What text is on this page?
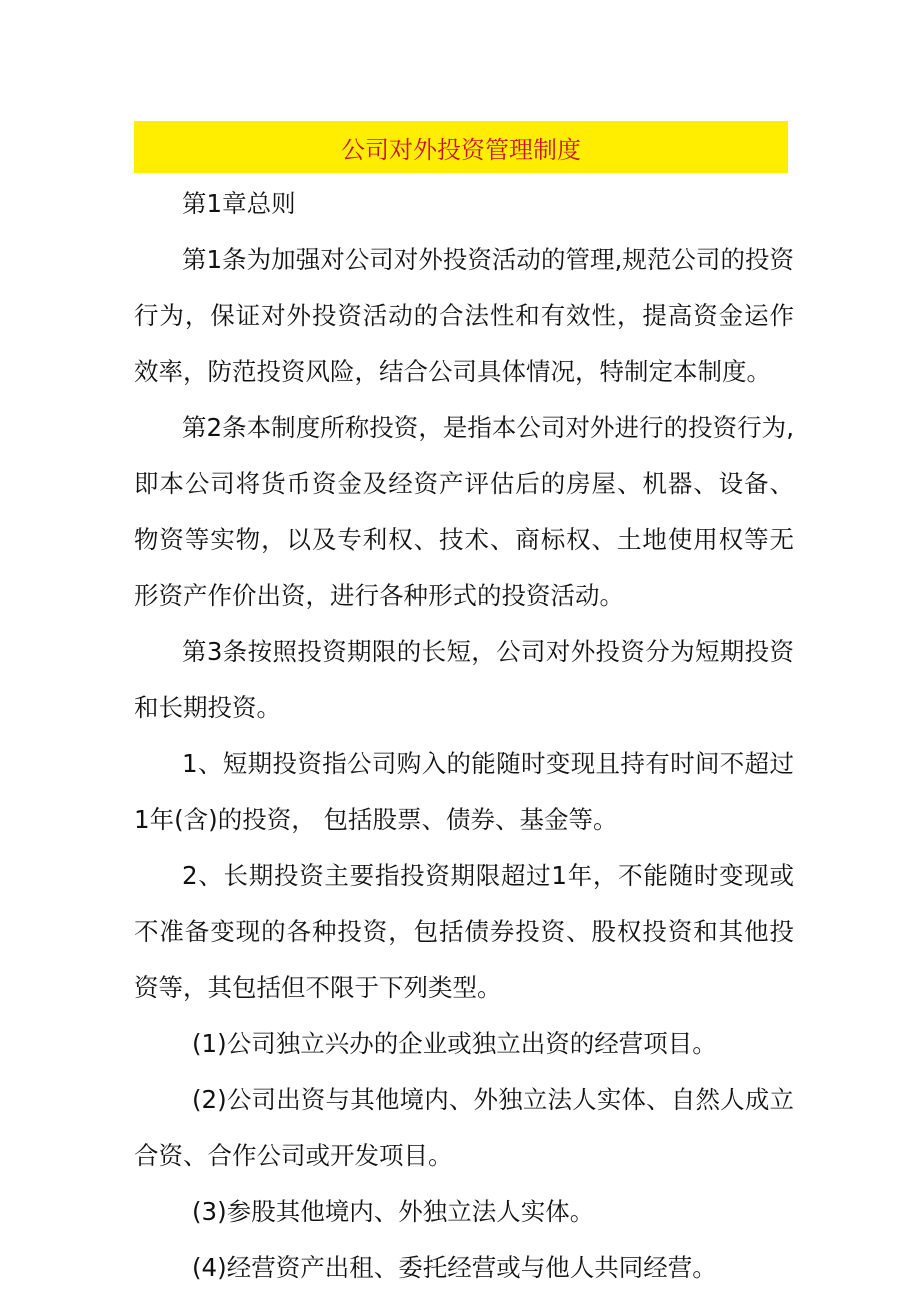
公司对外投资管理制度

第1章总则

第1条为加强对公司对外投资活动的管理,规范公司的投资行为，保证对外投资活动的合法性和有效性，提高资金运作效率，防范投资风险，结合公司具体情况，特制定本制度。

第2条本制度所称投资，是指本公司对外进行的投资行为,即本公司将货币资金及经资产评估后的房屋、机器、设备、物资等实物，以及专利权、技术、商标权、土地使用权等无形资产作价出资，进行各种形式的投资活动。

第3条按照投资期限的长短，公司对外投资分为短期投资和长期投资。

1、短期投资指公司购入的能随时变现且持有时间不超过1年(含)的投资， 包括股票、债券、基金等。

2、长期投资主要指投资期限超过1年，不能随时变现或不准备变现的各种投资，包括债券投资、股权投资和其他投资等，其包括但不限于下列类型。

(1)公司独立兴办的企业或独立出资的经营项目。

(2)公司出资与其他境内、外独立法人实体、自然人成立合资、合作公司或开发项目。

(3)参股其他境内、外独立法人实体。

(4)经营资产出租、委托经营或与他人共同经营。
